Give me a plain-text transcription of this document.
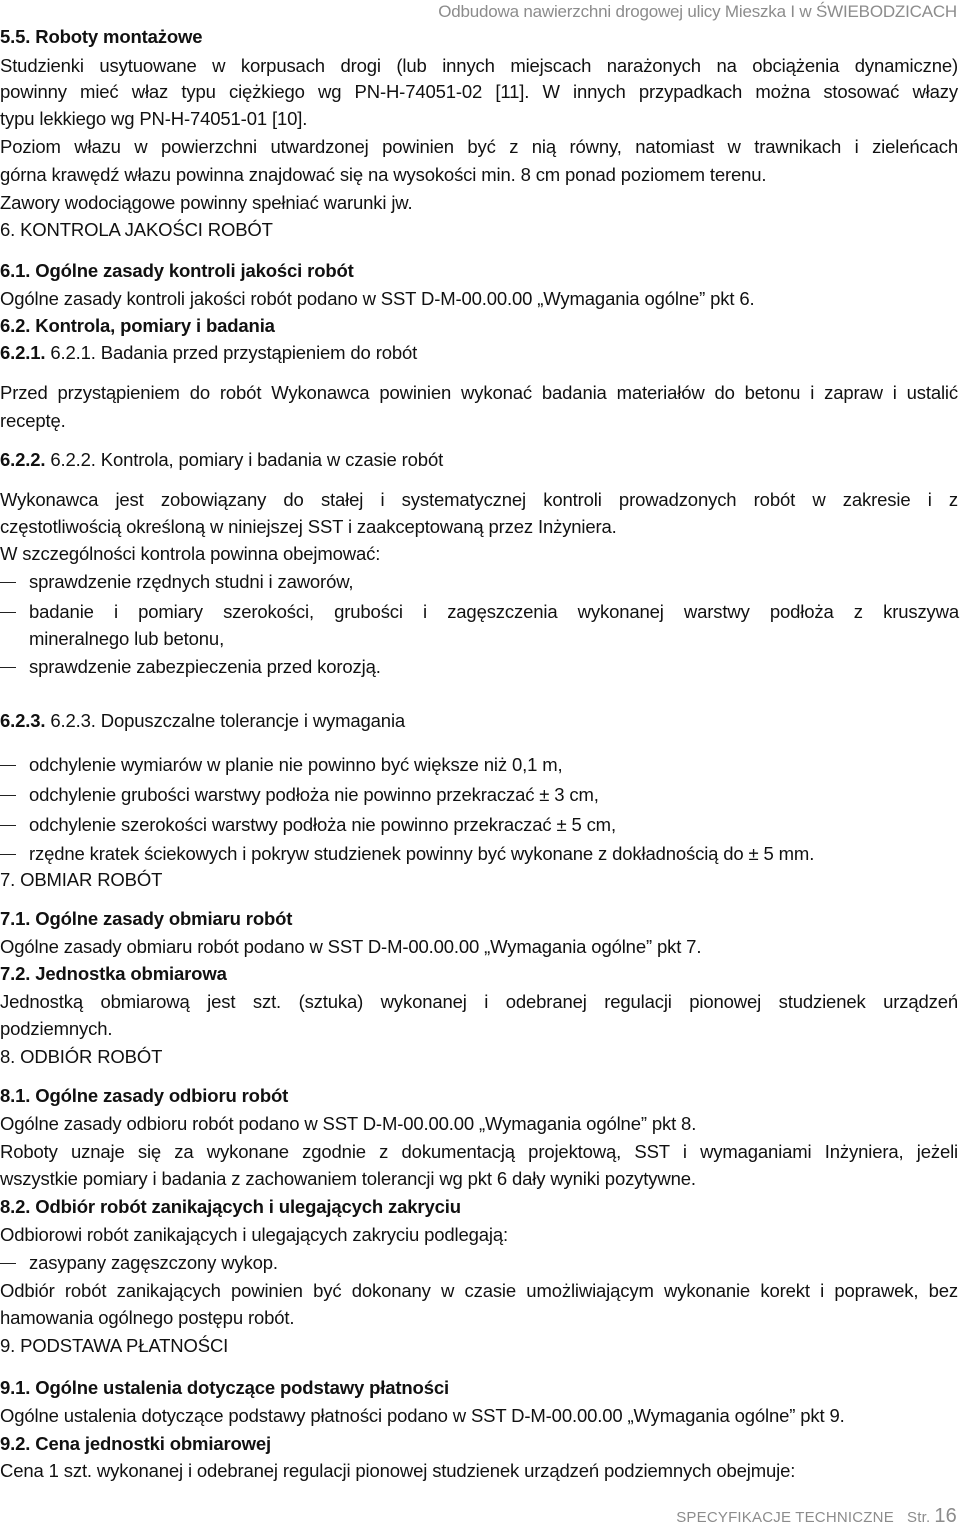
Odbudowa nawierzchni drogowej ulicy Mieszka I w ŚWIEBODZICACH
5.5. Roboty montażowe
Studzienki usytuowane w korpusach drogi (lub innych miejscach narażonych na obciążenia dynamiczne)
powinny mieć właz typu ciężkiego wg PN-H-74051-02 [11]. W innych przypadkach można stosować włazy
typu lekkiego wg PN-H-74051-01 [10].
Poziom włazu w powierzchni utwardzonej powinien być z nią równy, natomiast w trawnikach i zieleńcach
górna krawędź włazu powinna znajdować się na wysokości min. 8 cm ponad poziomem terenu.
Zawory wodociągowe powinny spełniać warunki jw.
6. KONTROLA JAKOŚCI ROBÓT
6.1. Ogólne zasady kontroli jakości robót
Ogólne zasady kontroli jakości robót podano w SST D-M-00.00.00 „Wymagania ogólne” pkt 6.
6.2. Kontrola, pomiary i badania
6.2.1. 6.2.1. Badania przed przystąpieniem do robót
Przed przystąpieniem do robót Wykonawca powinien wykonać badania materiałów do betonu i zapraw i ustalić
receptę.
6.2.2. 6.2.2. Kontrola, pomiary i badania w czasie robót
Wykonawca jest zobowiązany do stałej i systematycznej kontroli prowadzonych robót w zakresie i z
częstotliwością określoną w niniejszej SST i zaakceptowaną przez Inżyniera.
W szczególności kontrola powinna obejmować:
sprawdzenie rzędnych studni i zaworów,
badanie i pomiary szerokości, grubości i zagęszczenia wykonanej warstwy podłoża z kruszywa
mineralnego lub betonu,
sprawdzenie zabezpieczenia przed korozją.
6.2.3. 6.2.3. Dopuszczalne tolerancje i wymagania
odchylenie wymiarów w planie nie powinno być większe niż 0,1 m,
odchylenie grubości warstwy podłoża nie powinno przekraczać ± 3 cm,
odchylenie szerokości warstwy podłoża nie powinno przekraczać ± 5 cm,
rzędne kratek ściekowych i pokryw studzienek powinny być wykonane z dokładnością do ± 5 mm.
7. OBMIAR ROBÓT
7.1. Ogólne zasady obmiaru robót
Ogólne zasady obmiaru robót podano w SST D-M-00.00.00 „Wymagania ogólne” pkt 7.
7.2. Jednostka obmiarowa
Jednostką obmiarową jest szt. (sztuka) wykonanej i odebranej regulacji pionowej studzienek urządzeń
podziemnych.
8. ODBIÓR ROBÓT
8.1. Ogólne zasady odbioru robót
Ogólne zasady odbioru robót podano w SST D-M-00.00.00 „Wymagania ogólne” pkt 8.
Roboty uznaje się za wykonane zgodnie z dokumentacją projektową, SST i wymaganiami Inżyniera, jeżeli
wszystkie pomiary i badania z zachowaniem tolerancji wg pkt 6 dały wyniki pozytywne.
8.2. Odbiór robót zanikających i ulegających zakryciu
Odbiorowi robót zanikających i ulegających zakryciu podlegają:
zasypany zagęszczony wykop.
Odbiór robót zanikających powinien być dokonany w czasie umożliwiającym wykonanie korekt i poprawek, bez
hamowania ogólnego postępu robót.
9. PODSTAWA PŁATNOŚCI
9.1. Ogólne ustalenia dotyczące podstawy płatności
Ogólne ustalenia dotyczące podstawy płatności podano w SST D-M-00.00.00 „Wymagania ogólne” pkt 9.
9.2. Cena jednostki obmiarowej
Cena 1 szt. wykonanej i odebranej regulacji pionowej studzienek urządzeń podziemnych obejmuje:
SPECYFIKACJE TECHNICZNE Str. 16
